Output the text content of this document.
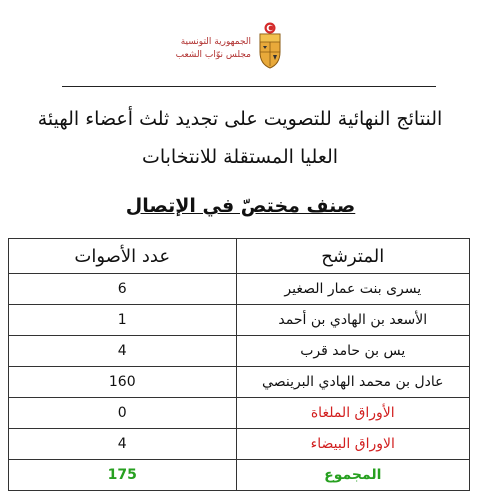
الجمهورية التونسية
مجلس نوّاب الشعب
النتائج النهائية للتصويت على تجديد ثلث أعضاء الهيئة العليا المستقلة للانتخابات
صنف مختصّ في الإتصال
المترشح	عدد الأصوات
يسرى بنت عمار الصغير	6
الأسعد بن الهادي بن أحمد	1
يس بن حامد قرب	4
عادل بن محمد الهادي البرينصي	160
الأوراق الملغاة	0
الاوراق البيضاء	4
المجموع	175
